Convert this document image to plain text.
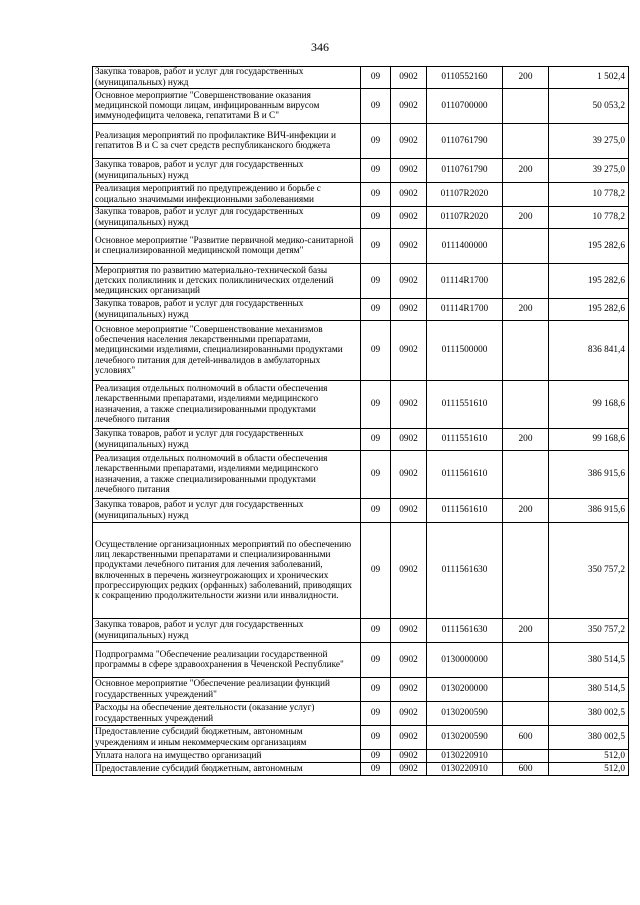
346
Закупка товаров, работ и услуг для государственных (муниципальных) нужд	09	0902	0110552160	200	1 502,4
Основное мероприятие "Совершенствование оказания медицинской помощи лицам, инфицированным вирусом иммунодефицита человека, гепатитами В и С"	09	0902	0110700000		50 053,2
Реализация мероприятий по профилактике ВИЧ-инфекции и гепатитов В и С за счет средств республиканского бюджета	09	0902	0110761790		39 275,0
Закупка товаров, работ и услуг для государственных (муниципальных) нужд	09	0902	0110761790	200	39 275,0
Реализация мероприятий по предупреждению и борьбе с социально значимыми инфекционными заболеваниями	09	0902	01107R2020		10 778,2
Закупка товаров, работ и услуг для государственных (муниципальных) нужд	09	0902	01107R2020	200	10 778,2
Основное мероприятие "Развитие первичной медико-санитарной и специализированной медицинской помощи детям"	09	0902	0111400000		195 282,6
Мероприятия по развитию материально-технической базы детских поликлиник и детских поликлинических отделений медицинских организаций	09	0902	01114R1700		195 282,6
Закупка товаров, работ и услуг для государственных (муниципальных) нужд	09	0902	01114R1700	200	195 282,6
Основное мероприятие "Совершенствование механизмов обеспечения населения лекарственными препаратами, медицинскими изделиями, специализированными продуктами лечебного питания для детей-инвалидов в амбулаторных условиях"	09	0902	0111500000		836 841,4
Реализация отдельных полномочий в области обеспечения лекарственными препаратами, изделиями медицинского назначения, а также специализированными продуктами лечебного питания	09	0902	0111551610		99 168,6
Закупка товаров, работ и услуг для государственных (муниципальных) нужд	09	0902	0111551610	200	99 168,6
Реализация отдельных полномочий в области обеспечения лекарственными препаратами, изделиями медицинского назначения, а также специализированными продуктами лечебного питания	09	0902	0111561610		386 915,6
Закупка товаров, работ и услуг для государственных (муниципальных) нужд	09	0902	0111561610	200	386 915,6
Осуществление организационных мероприятий по обеспечению лиц лекарственными препаратами и специализированными продуктами лечебного питания для лечения заболеваний, включенных в перечень жизнеугрожающих и хронических прогрессирующих редких (орфанных) заболеваний, приводящих к сокращению продолжительности жизни или инвалидности.	09	0902	0111561630		350 757,2
Закупка товаров, работ и услуг для государственных (муниципальных) нужд	09	0902	0111561630	200	350 757,2
Подпрограмма "Обеспечение реализации государственной программы в сфере здравоохранения в Чеченской Республике"	09	0902	0130000000		380 514,5
Основное мероприятие "Обеспечение реализации функций государственных учреждений"	09	0902	0130200000		380 514,5
Расходы на обеспечение деятельности (оказание услуг) государственных учреждений	09	0902	0130200590		380 002,5
Предоставление субсидий бюджетным, автономным учреждениям и иным некоммерческим организациям	09	0902	0130200590	600	380 002,5
Уплата налога на имущество организаций	09	0902	0130220910		512,0
Предоставление субсидий бюджетным, автономным	09	0902	0130220910	600	512,0
